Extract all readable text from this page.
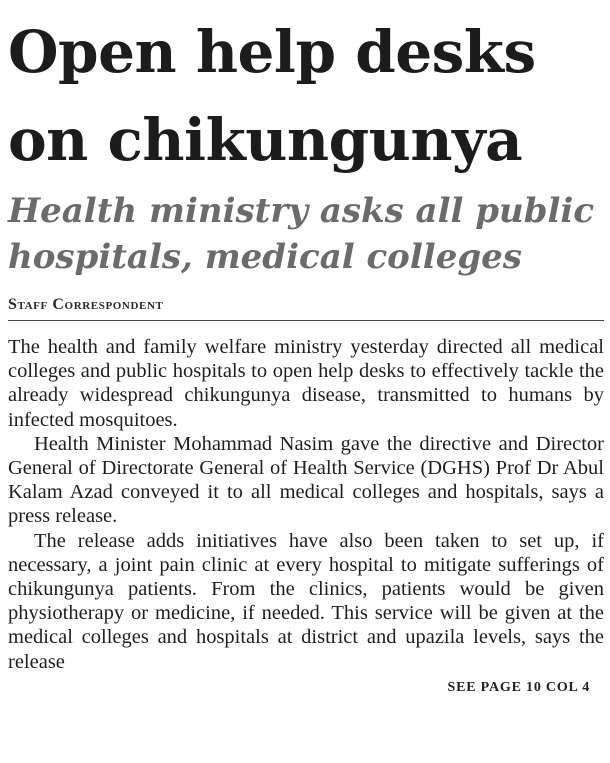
Open help desks
on chikungunya
Health ministry asks all public
hospitals, medical colleges
Staff Correspondent

The health and family welfare ministry yesterday directed all medical colleges and public hospitals to open help desks to effectively tackle the already widespread chikungunya disease, transmitted to humans by infected mosquitoes.

Health Minister Mohammad Nasim gave the directive and Director General of Directorate General of Health Service (DGHS) Prof Dr Abul Kalam Azad conveyed it to all medical colleges and hospitals, says a press release.

The release adds initiatives have also been taken to set up, if necessary, a joint pain clinic at every hospital to mitigate sufferings of chikungunya patients. From the clinics, patients would be given physiotherapy or medicine, if needed. This service will be given at the medical colleges and hospitals at district and upazila levels, says the release

SEE PAGE 10 COL 4
